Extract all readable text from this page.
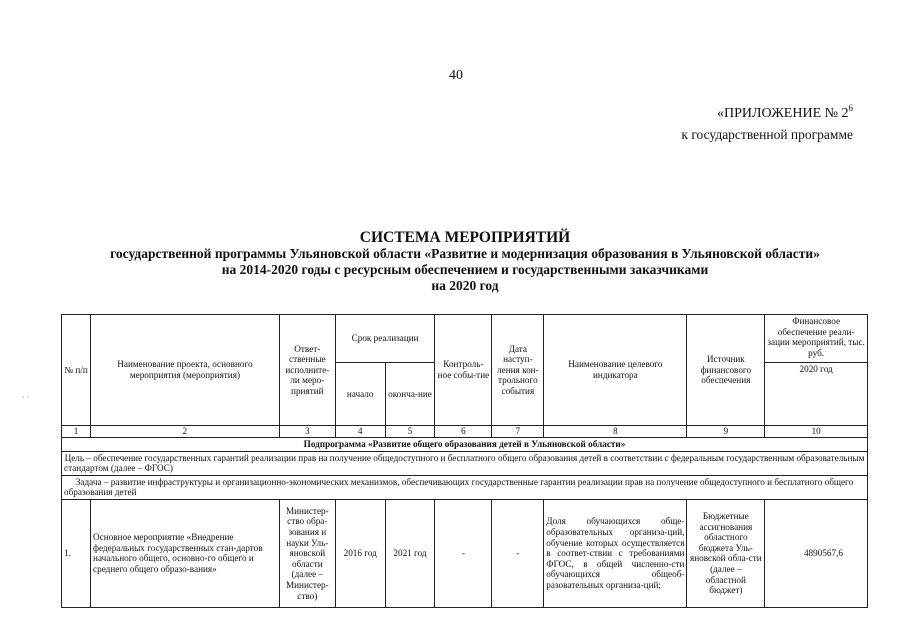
40
«ПРИЛОЖЕНИЕ № $2^6$
к государственной программе
СИСТЕМА МЕРОПРИЯТИЙ
государственной программы Ульяновской области «Развитие и модернизация образования в Ульяновской области»
на 2014-2020 годы с ресурсным обеспечением и государственными заказчиками
на 2020 год
· ·
№ п/п	Наименование проекта, основного мероприятия (мероприятия)	Ответ-ственные исполните-ли меро-приятий	Срок реализации		Контроль-ное собы-тие	Дата наступ-ления кон-трольного события	Наименование целевого индикатора	Источник финансового обеспечения	Финансовое обеспечение реали-зации мероприятий, тыс. руб.
			начало	оконча-ние					2020 год
1	2	3	4	5	6	7	8	9	10
Подпрограмма «Развитие общего образования детей в Ульяновской области»									
Цель – обеспечение государственных гарантий реализации прав на получение общедоступного и бесплатного общего образования детей в соответствии с федеральным государственным образовательным стандартом (далее – ФГОС)									
Задача – развитие инфраструктуры и организационно-экономических механизмов, обеспечивающих государственные гарантии реализации прав на получение общедоступного и бесплатного общего образования детей									
1.	Основное мероприятие «Внедрение федеральных государственных стан-дартов начального общего, основно-го общего и среднего общего образо-вания»	Министер-ство обра-зования и науки Уль-яновской области (далее – Министер-ство)	2016 год	2021 год	-	-	Доля обучающихся обще-образовательных организа-ций, обучение которых осуществляется в соответ-ствии с требованиями ФГОС, в общей численно-сти обучающихся общеоб-разовательных организа-ций;	Бюджетные ассигнования областного бюджета Уль-яновской обла-сти (далее – областной бюджет)	4890567,6
